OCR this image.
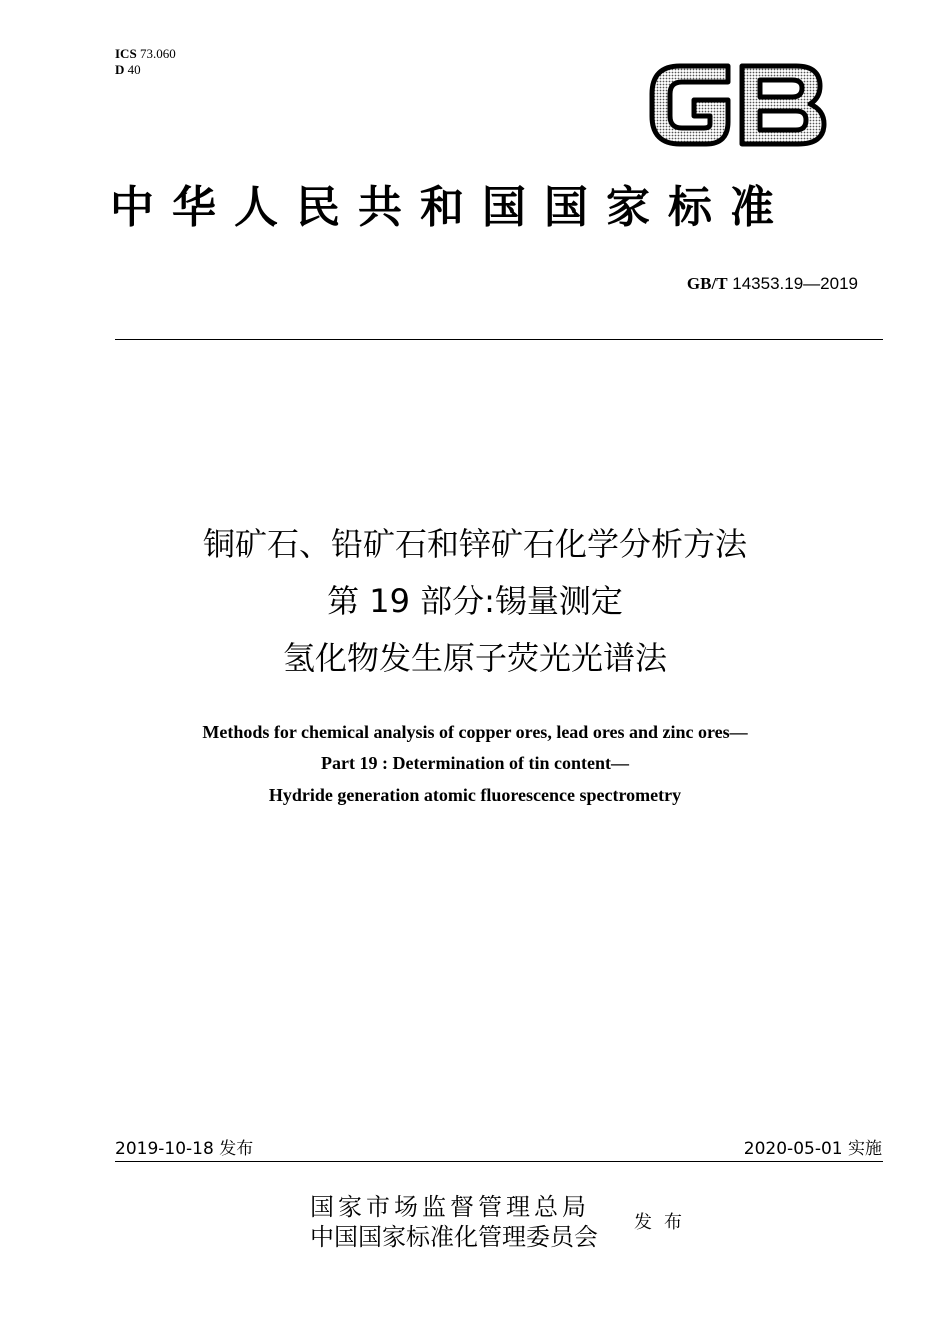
ICS 73.060
D 40
中华人民共和国国家标准
GB/T 14353.19—2019
铜矿石、铅矿石和锌矿石化学分析方法
第 19 部分:锡量测定
氢化物发生原子荧光光谱法
Methods for chemical analysis of copper ores, lead ores and zinc ores—
Part 19 : Determination of tin content—
Hydride generation atomic fluorescence spectrometry
2019-10-18 发布	2020-05-01 实施
国家市场监督管理总局
中国国家标准化管理委员会
发布
